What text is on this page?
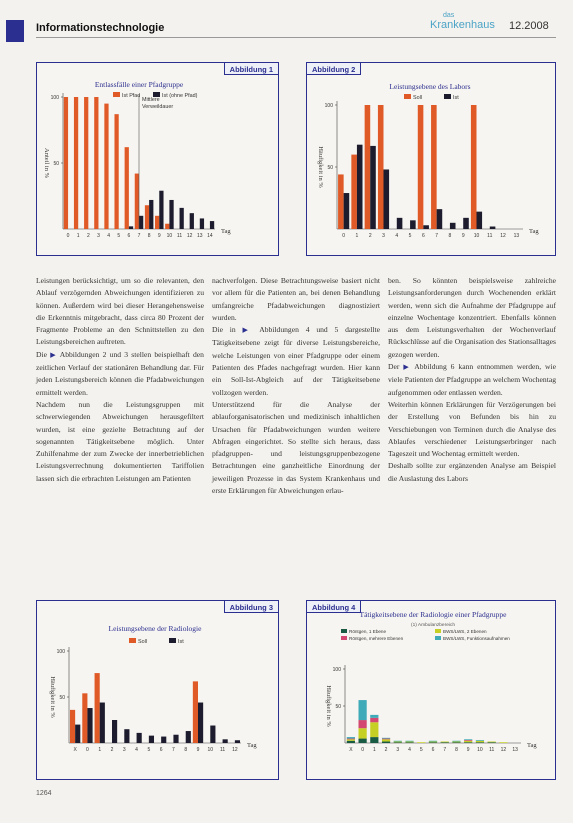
Informationstechnologie
das
Krankenhaus 12.2008
Abbildung 1
Entlassfälle einer Pfadgruppe
Ist Pfad	Ist (ohne Pfad)
50
100
Anteil in %
Tag
0 1 2 3 4 5 6 7 8 9 10 11 12 13 14
Mittlere
Verweildauer
Abbildung 2
Leistungsebene des Labors
Soll	Ist
50
100
Häufigkeit in %
Tag
0 1 2 3 4 5 6 7 8 9 10 11 12 13

Leistungen berücksichtigt, um so die relevanten, den Ablauf verzögernden Abweichungen identifizieren zu können. Außerdem wird bei dieser Herangehensweise die Erkenntnis mitgebracht, dass circa 80 Prozent der Fragmente Probleme an den Schnittstellen zu den Leistungsbereichen auftreten.

Die ▶ Abbildungen 2 und 3 stellen beispielhaft den zeitlichen Verlauf der stationären Behandlung dar. Für jeden Leistungsbereich können die Pfadabweichungen ermittelt werden.

Nachdem nun die Leistungsgruppen mit schwerwiegenden Abweichungen herausgefiltert wurden, ist eine gezielte Betrachtung auf der sogenannten Tätigkeitsebene möglich. Unter Zuhilfenahme der zum Zwecke der innerbetrieblichen Leistungsverrechnung dokumentierten Tariffolien lassen sich die erbrachten Leistungen am Patienten

nachverfolgen. Diese Betrachtungsweise basiert nicht vor allem für die Patienten an, bei denen Behandlung umfangreiche Pfadabweichungen diagnostiziert wurden.

Die in ▶ Abbildungen 4 und 5 dargestellte Tätigkeitsebene zeigt für diverse Leistungsbereiche, welche Leistungen von einer Pfadgruppe oder einem Patienten des Pfades nachgefragt wurden. Hier kann ein Soll-Ist-Abgleich auf der Tätigkeitsebene vollzogen werden.

Unterstützend für die Analyse der ablauforganisatorischen und medizinisch inhaltlichen Ursachen für Pfadabweichungen wurden weitere Abfragen eingerichtet. So stellte sich heraus, dass pfadgruppen- und leistungsgruppenbezogene Betrachtungen eine ganzheitliche Einordnung der jeweiligen Prozesse in das System Krankenhaus und erste Erklärungen für Abweichungen erlau-

ben. So könnten beispielsweise zahlreiche Leistungsanforderungen durch Wochenenden erklärt werden, wenn sich die Aufnahme der Pfadgruppe auf einzelne Wochentage konzentriert. Ebenfalls können aus dem Leistungsverhalten der Wochenverlauf Rückschlüsse auf die Organisation des Stationsalltages gezogen werden.

Der ▶ Abbildung 6 kann entnommen werden, wie viele Patienten der Pfadgruppe an welchem Wochentag aufgenommen oder entlassen werden.

Weiterhin können Erklärungen für Verzögerungen bei der Erstellung von Befunden bis hin zu Verschiebungen von Terminen durch die Analyse des Ablaufes verschiedener Leistungserbringer nach Tageszeit und Wochentag ermittelt werden.

Deshalb sollte zur ergänzenden Analyse am Beispiel die Auslastung des Labors

Abbildung 3
Leistungsebene der Radiologie
Soll	Ist
50
100
Häufigkeit in %
Tag
X 0 1 2 3 4 5 6 7 8 9 10 11 12
Abbildung 4
Tätigkeitsebene der Radiologie einer Pfadgruppe
(1) Ambulanzbereich
Röntgen, 1 Ebene	BWS/LWS, 2 Ebenen
Röntgen, mehrere Ebenen	BWS/LWS, Funktionsaufnahmen
50
100
Häufigkeit in %
Tag
X 0 1 2 3 4 5 6 7 8 9 10 11 12 13
1264
